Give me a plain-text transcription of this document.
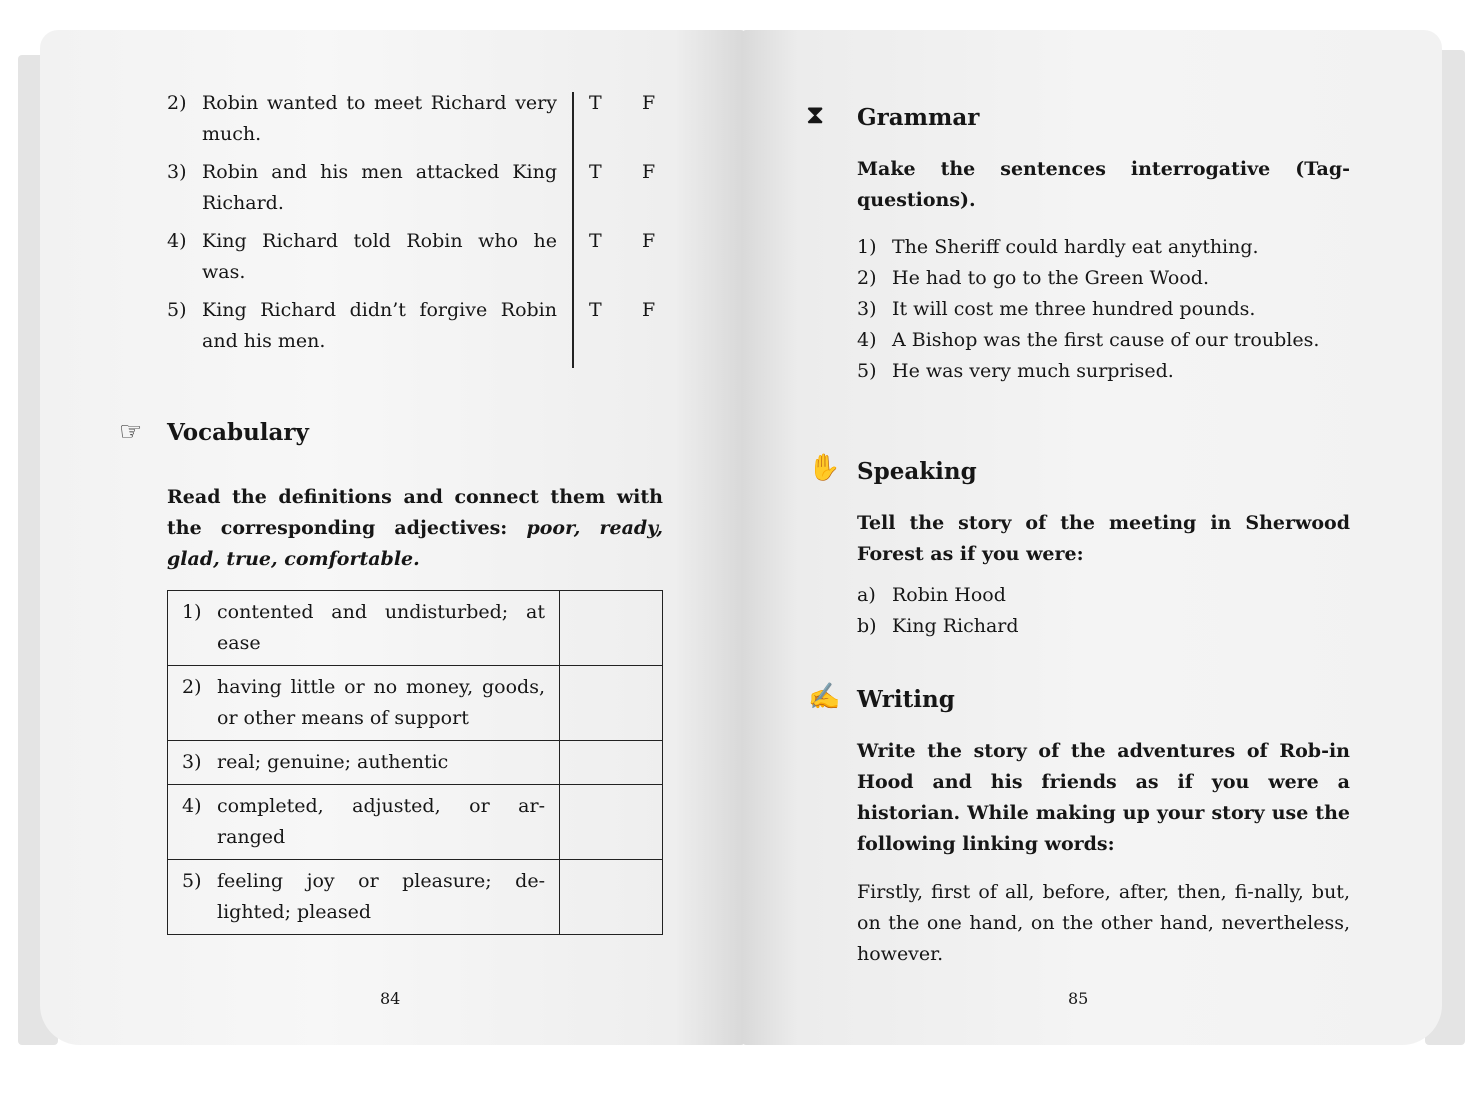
2) Robin wanted to meet Richard very much.
T F
3) Robin and his men attacked King Richard.
T F
4) King Richard told Robin who he was.
T F
5) King Richard didn’t forgive Robin and his men.
T F
☞ Vocabulary
Read the definitions and connect them with the corresponding adjectives: poor, ready, glad, true, comfortable.
1) contented and undisturbed; at ease	

2) having little or no money, goods, or other means of support	

3) real; genuine; authentic	

4) completed, adjusted, or ar-ranged	

5) feeling joy or pleasure; de-lighted; pleased	

84
⧗ Grammar
Make the sentences interrogative (Tag-questions).
1) The Sheriff could hardly eat anything.
2) He had to go to the Green Wood.
3) It will cost me three hundred pounds.
4) A Bishop was the first cause of our troubles.
5) He was very much surprised.
✋ Speaking
Tell the story of the meeting in Sherwood Forest as if you were:
a) Robin Hood
b) King Richard
✍ Writing
Write the story of the adventures of Rob-in Hood and his friends as if you were a historian. While making up your story use the following linking words:
Firstly, first of all, before, after, then, fi-nally, but, on the one hand, on the other hand, nevertheless, however.
85
